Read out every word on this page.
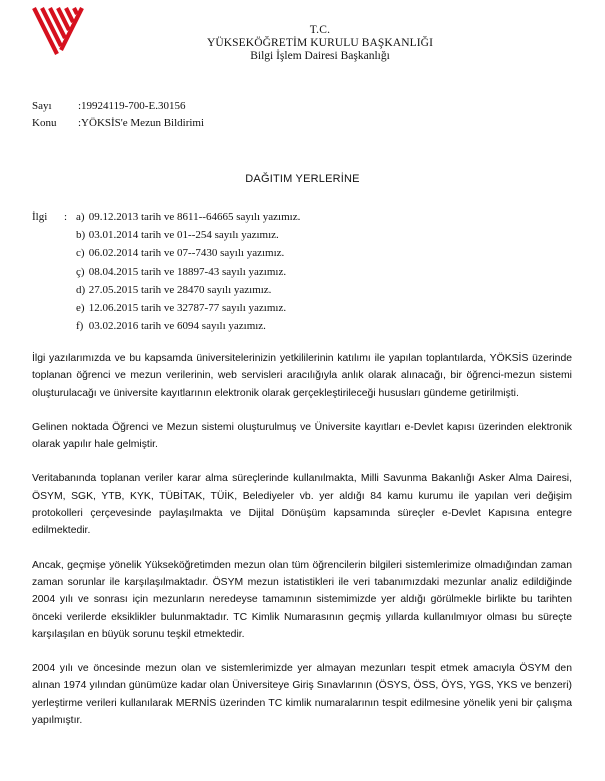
T.C.
YÜKSEKÖĞRETİM KURULU BAŞKANLIĞI
Bilgi İşlem Dairesi Başkanlığı
Sayı	:19924119-700-E.30156
Konu	:YÖKSİS'e Mezun Bildirimi
DAĞITIM YERLERİNE
İlgi	: a) 09.12.2013 tarih ve 8611--64665 sayılı yazımız.
b) 03.01.2014 tarih ve 01--254 sayılı yazımız.
c) 06.02.2014 tarih ve 07--7430 sayılı yazımız.
ç) 08.04.2015 tarih ve 18897-43 sayılı yazımız.
d) 27.05.2015 tarih ve 28470 sayılı yazımız.
e) 12.06.2015 tarih ve 32787-77 sayılı yazımız.
f) 03.02.2016 tarih ve 6094 sayılı yazımız.

İlgi yazılarımızda ve bu kapsamda üniversitelerinizin yetkililerinin katılımı ile yapılan toplantılarda, YÖKSİS üzerinde toplanan öğrenci ve mezun verilerinin, web servisleri aracılığıyla anlık olarak alınacağı, bir öğrenci-mezun sistemi oluşturulacağı ve üniversite kayıtlarının elektronik olarak gerçekleştirileceği hususları gündeme getirilmişti.

Gelinen noktada Öğrenci ve Mezun sistemi oluşturulmuş ve Üniversite kayıtları e-Devlet kapısı üzerinden elektronik olarak yapılır hale gelmiştir.

Veritabanında toplanan veriler karar alma süreçlerinde kullanılmakta, Milli Savunma Bakanlığı Asker Alma Dairesi, ÖSYM, SGK, YTB, KYK, TÜBİTAK, TÜİK, Belediyeler vb. yer aldığı 84 kamu kurumu ile yapılan veri değişim protokolleri çerçevesinde paylaşılmakta ve Dijital Dönüşüm kapsamında süreçler e-Devlet Kapısına entegre edilmektedir.

Ancak, geçmişe yönelik Yükseköğretimden mezun olan tüm öğrencilerin bilgileri sistemlerimize olmadığından zaman zaman sorunlar ile karşılaşılmaktadır. ÖSYM mezun istatistikleri ile veri tabanımızdaki mezunlar analiz edildiğinde 2004 yılı ve sonrası için mezunların neredeyse tamamının sistemimizde yer aldığı görülmekle birlikte bu tarihten önceki verilerde eksiklikler bulunmaktadır. TC Kimlik Numarasının geçmiş yıllarda kullanılmıyor olması bu süreçte karşılaşılan en büyük sorunu teşkil etmektedir.

2004 yılı ve öncesinde mezun olan ve sistemlerimizde yer almayan mezunları tespit etmek amacıyla ÖSYM den alınan 1974 yılından günümüze kadar olan Üniversiteye Giriş Sınavlarının (ÖSYS, ÖSS, ÖYS, YGS, YKS ve benzeri) yerleştirme verileri kullanılarak MERNİS üzerinden TC kimlik numaralarının tespit edilmesine yönelik yeni bir çalışma yapılmıştır.
